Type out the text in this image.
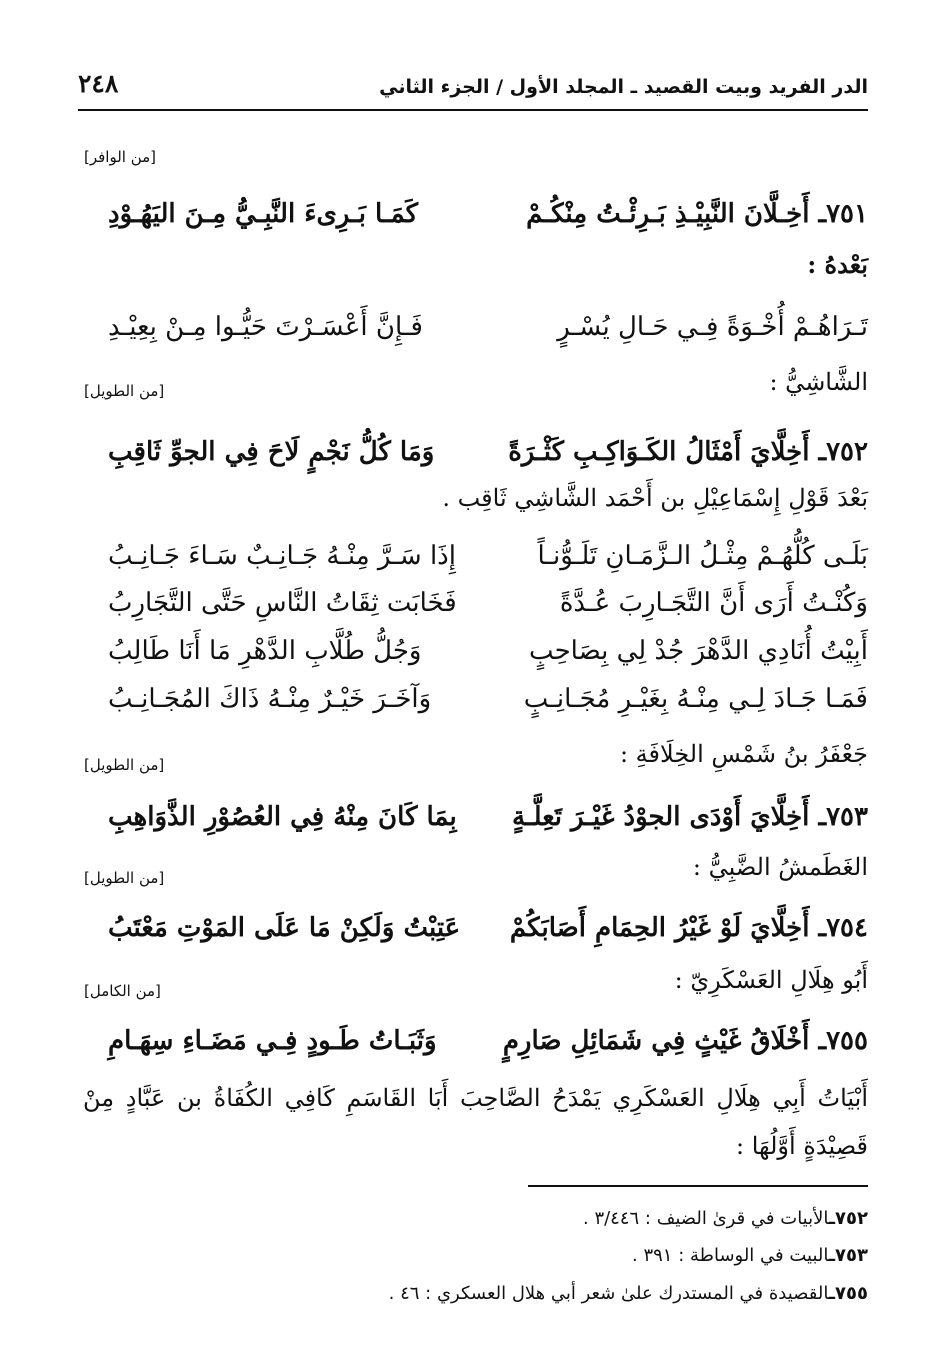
الدر الفريد وبيت القصيد ـ المجلد الأول / الجزء الثاني
٢٤٨
[من الوافر]
٧٥١ـ أَخِـلَّانَ النَّبِيْـذِ بَـرِئْـتُ مِنْكُـمْ
كَمَـا بَـرِىءَ النَّبِـيُّ مِـنَ اليَهُـوْدِ
بَعْدهُ :
تَـرَاهُـمْ أُخْـوَةً فِـي حَـالِ يُسْـرٍ
فَـإِنَّ أَعْسَـرْتَ حَيُّـوا مِـنْ بِعِيْـدِ
الشَّاشِيُّ :
[من الطويل]
٧٥٢ـ أَخِلَّايَ أَمْثَالُ الكَـوَاكِـبِ كَثْـرَةً
وَمَا كُلُّ نَجْمٍ لَاحَ فِي الجوِّ ثَاقِبِ
بَعْدَ قَوْلِ إِسْمَاعِيْلِ بن أَحْمَد الشَّاشِي ثَاقِب .
بَلَـى كُلُّهُـمْ مِثْـلُ الـزَّمَـانِ تَلَـوُّنـاً
إِذَا سَـرَّ مِنْـهُ جَـانِـبٌ سَـاءَ جَـانِـبُ
وَكُنْـتُ أَرَى أَنَّ التَّجَـارِبَ عُـدَّةً
فَخَابَت ثِقَاتُ النَّاسِ حَتَّى التَّجَارِبُ
أَبِيْتُ أُنَادِي الدَّهْرَ جُدْ لِي بِصَاحِبٍ
وَجُلُّ طُلَّابِ الدَّهْرِ مَا أَنَا طَالِبُ
فَمَـا جَـادَ لِـي مِنْـهُ بِغَيْـرِ مُجَـانِـبٍ
وَآخَـرَ خَيْـرٌ مِنْـهُ ذَاكَ المُجَـانِـبُ
جَعْفَرُ بنُ شَمْسِ الخِلَافَةِ :
[من الطويل]
٧٥٣ـ أَخِلَّايَ أَوْدَى الجوْدُ غَيْـرَ تَعِلَّـةٍ
بِمَا كَانَ مِنْهُ فِي العُصُوْرِ الذَّوَاهِبِ
الغَطَمشُ الضَّبِيُّ :
[من الطويل]
٧٥٤ـ أَخِلَّايَ لَوْ غَيْرُ الحِمَامِ أَصَابَكُمْ
عَتِبْتُ وَلَكِنْ مَا عَلَى المَوْتِ مَعْتَبُ
أَبُو هِلَالِ العَسْكَرِيّ :
[من الكامل]
٧٥٥ـ أَخْلَاقُ غَيْثٍ فِي شَمَائِلِ صَارِمٍ
وَثَبَـاتُ طَـودٍ فِـي مَضَـاءِ سِهَـامِ
أَبْيَاتُ أَبِي هِلَالِ العَسْكَرِي يَمْدَحُ الصَّاحِبَ أَبَا القَاسَمِ كَافِي الكُفَاةُ بن عَبَّادٍ مِنْ قَصِيْدَةٍ أَوَّلُهَا :
٧٥٢ـالأبيات في قرىٰ الضيف : ٣/٤٤٦ .
٧٥٣ـالبيت في الوساطة : ٣٩١ .
٧٥٥ـالقصيدة في المستدرك علىٰ شعر أبي هلال العسكري : ٤٦ .
